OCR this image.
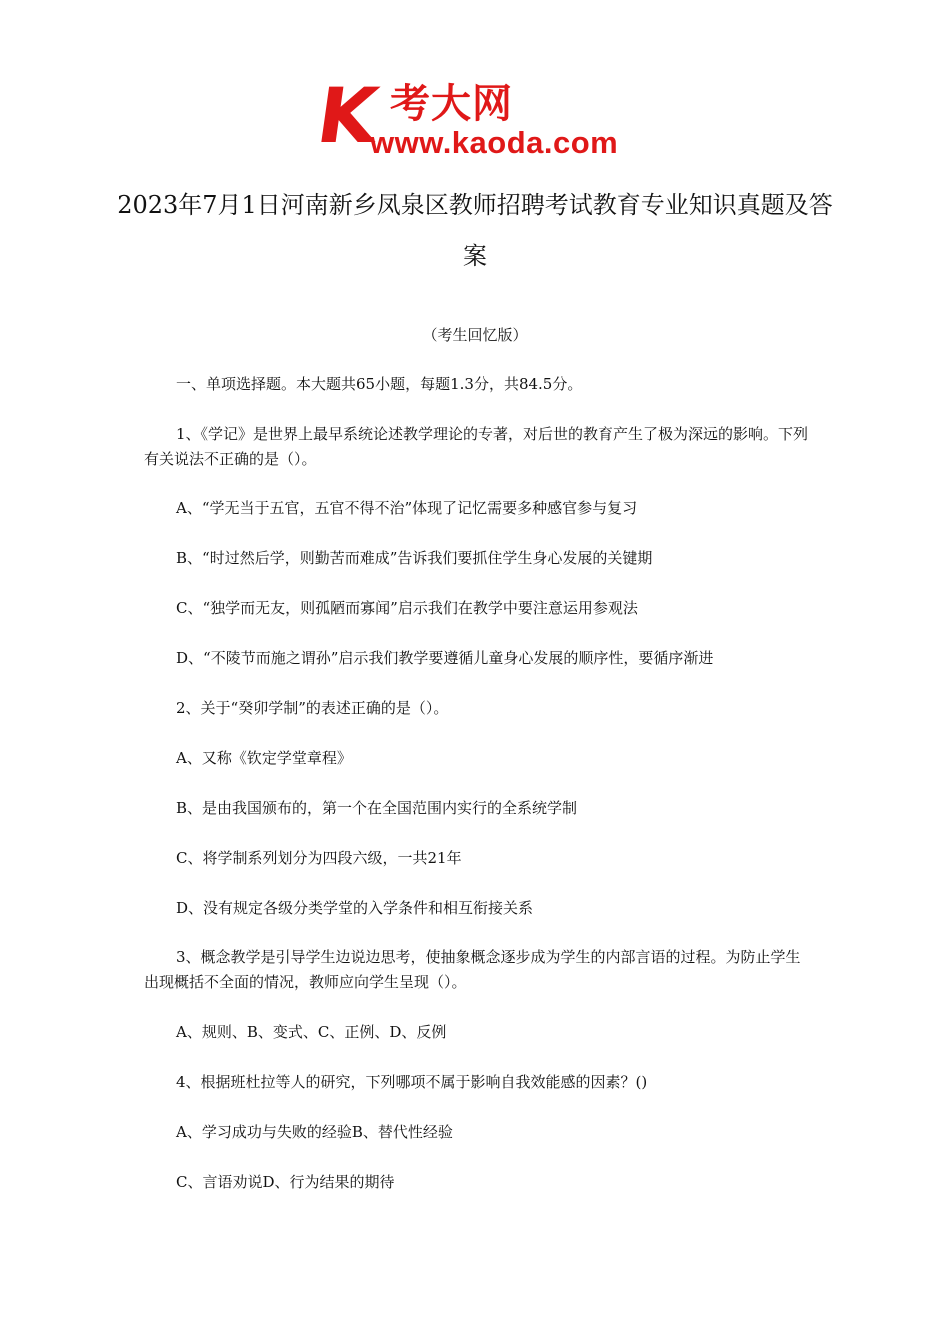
K 考大网
www.kaoda.com
2023年7月1日河南新乡凤泉区教师招聘考试教育专业知识真题及答案
（考生回忆版）

一、单项选择题。本大题共65小题，每题1.3分，共84.5分。

1、《学记》是世界上最早系统论述教学理论的专著，对后世的教育产生了极为深远的影响。下列有关说法不正确的是（）。

A、“学无当于五官，五官不得不治”体现了记忆需要多种感官参与复习

B、“时过然后学，则勤苦而难成”告诉我们要抓住学生身心发展的关键期

C、“独学而无友，则孤陋而寡闻”启示我们在教学中要注意运用参观法

D、“不陵节而施之谓孙”启示我们教学要遵循儿童身心发展的顺序性，要循序渐进

2、关于“癸卯学制”的表述正确的是（）。

A、又称《钦定学堂章程》

B、是由我国颁布的，第一个在全国范围内实行的全系统学制

C、将学制系列划分为四段六级，一共21年

D、没有规定各级分类学堂的入学条件和相互衔接关系

3、概念教学是引导学生边说边思考，使抽象概念逐步成为学生的内部言语的过程。为防止学生出现概括不全面的情况，教师应向学生呈现（）。

A、规则、B、变式、C、正例、D、反例

4、根据班杜拉等人的研究，下列哪项不属于影响自我效能感的因素？()

A、学习成功与失败的经验B、替代性经验

C、言语劝说D、行为结果的期待
